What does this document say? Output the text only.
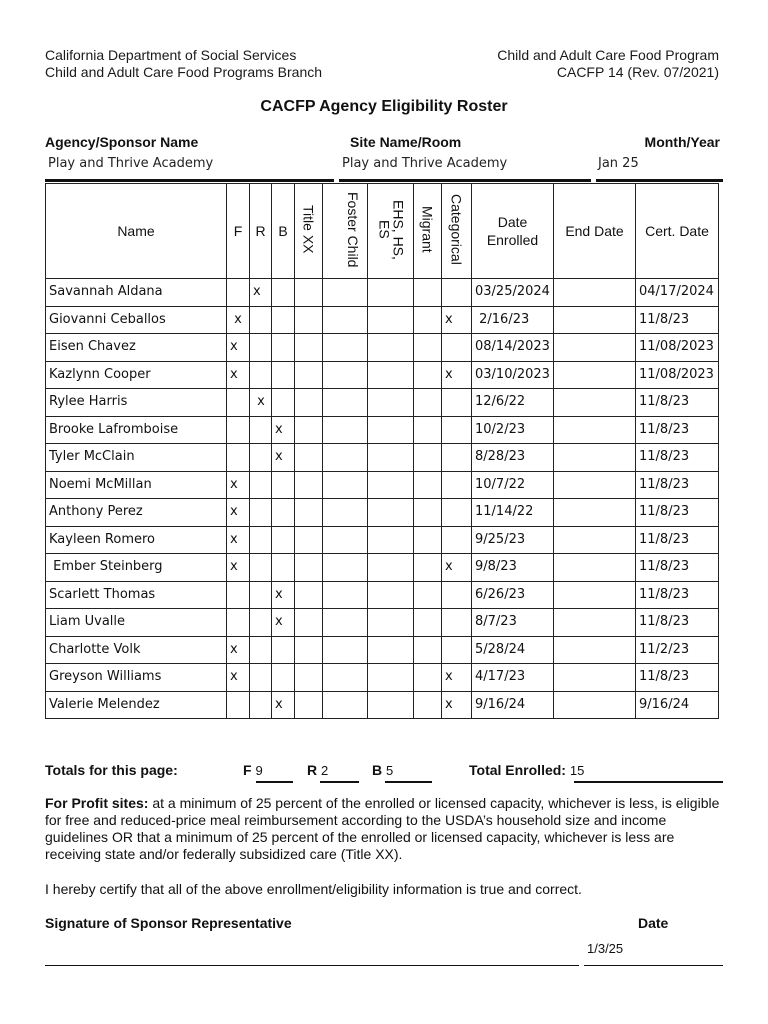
California Department of Social Services
Child and Adult Care Food Programs Branch
Child and Adult Care Food Program
CACFP 14 (Rev. 07/2021)
CACFP Agency Eligibility Roster
Agency/Sponsor Name	Site Name/Room	Month/Year
Play and Thrive Academy	Play and Thrive Academy	Jan 25
Name	F	R	B	Title XX	Foster Child	EHS, HS, ES	Migrant	Categorical	Date Enrolled	End Date	Cert. Date
Savannah Aldana		x							03/25/2024		04/17/2024
Giovanni Ceballos	x							x	2/16/23		11/8/23
Eisen Chavez	x								08/14/2023		11/08/2023
Kazlynn Cooper	x							x	03/10/2023		11/08/2023
Rylee Harris		x							12/6/22		11/8/23
Brooke Lafromboise			x						10/2/23		11/8/23
Tyler McClain			x						8/28/23		11/8/23
Noemi McMillan	x								10/7/22		11/8/23
Anthony Perez	x								11/14/22		11/8/23
Kayleen Romero	x								9/25/23		11/8/23
Ember Steinberg	x							x	9/8/23		11/8/23
Scarlett Thomas			x						6/26/23		11/8/23
Liam Uvalle			x						8/7/23		11/8/23
Charlotte Volk	x								5/28/24		11/2/23
Greyson Williams	x							x	4/17/23		11/8/23
Valerie Melendez			x					x	9/16/24		9/16/24
Totals for this page:	F 9	R 2	B 5	Total Enrolled: 15
For Profit sites: at a minimum of 25 percent of the enrolled or licensed capacity, whichever is less, is eligible for free and reduced-price meal reimbursement according to the USDA’s household size and income guidelines OR that a minimum of 25 percent of the enrolled or licensed capacity, whichever is less are receiving state and/or federally subsidized care (Title XX).
I hereby certify that all of the above enrollment/eligibility information is true and correct.
Signature of Sponsor Representative	Date
1/3/25
